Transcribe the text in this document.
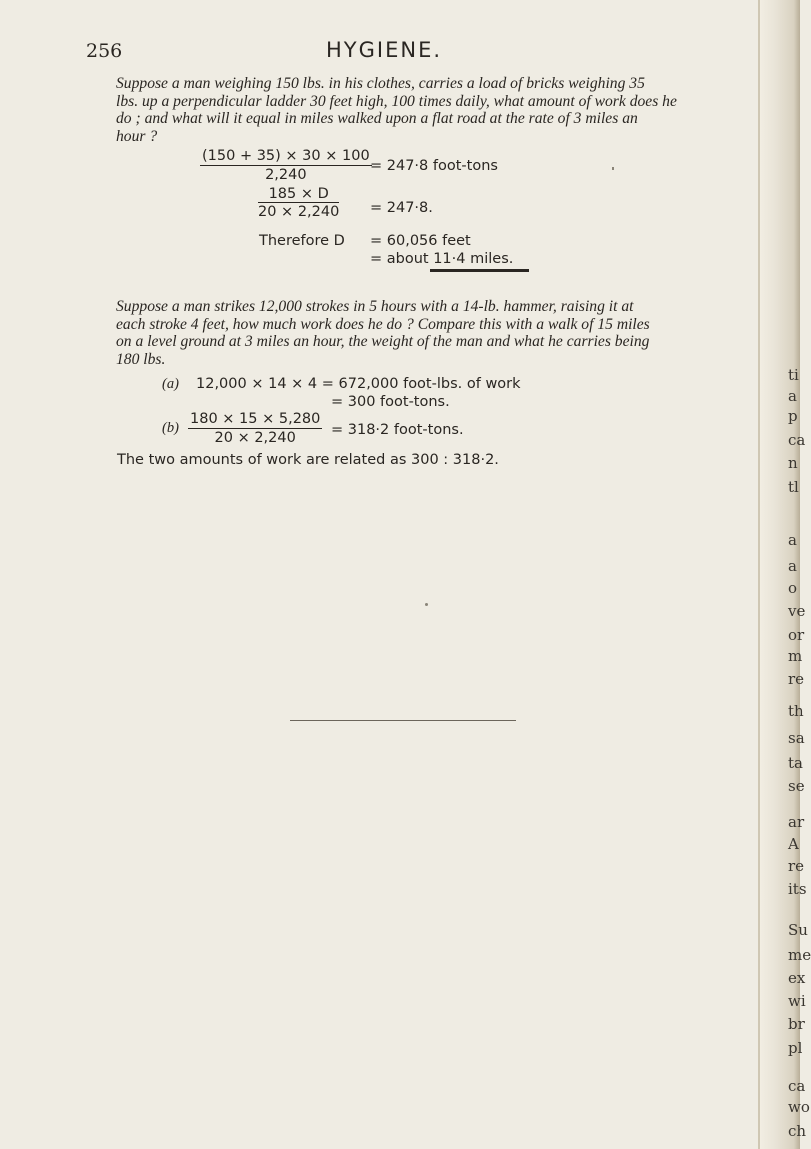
256	HYGIENE.
Suppose a man weighing 150 lbs. in his clothes, carries a load of bricks weighing 35
lbs. up a perpendicular ladder 30 feet high, 100 times daily, what amount of work does he
do ; and what will it equal in miles walked upon a flat road at the rate of 3 miles an
hour ?
$\frac{(150 + 35) \times 30 \times 100}{2,240}$
= 247·8 foot-tons
$\frac{185 \times D}{20 \times 2,240} = 247\cdot 8$.
Therefore D = 60,056 feet
= about 11·4 miles.
Suppose a man strikes 12,000 strokes in 5 hours with a 14-lb. hammer, raising it at
each stroke 4 feet, how much work does he do ? Compare this with a walk of 15 miles
on a level ground at 3 miles an hour, the weight of the man and what he carries being
180 lbs.
(a) 12,000 × 14 × 4 = 672,000 foot-lbs. of work
= 300 foot-tons.
$(b) \frac{180 \times 15 \times 5,280}{20 \times 2,240} = 318\cdot 2$ foot-tons.
The two amounts of work are related as 300 : 318·2.
ti
a
p
ca
n
tl
a
a
o
ve
or
m
re
th
sa
ta
se
ar
A
re
its
Su
me
ex
wi
br
pl
ca
wo
ch
